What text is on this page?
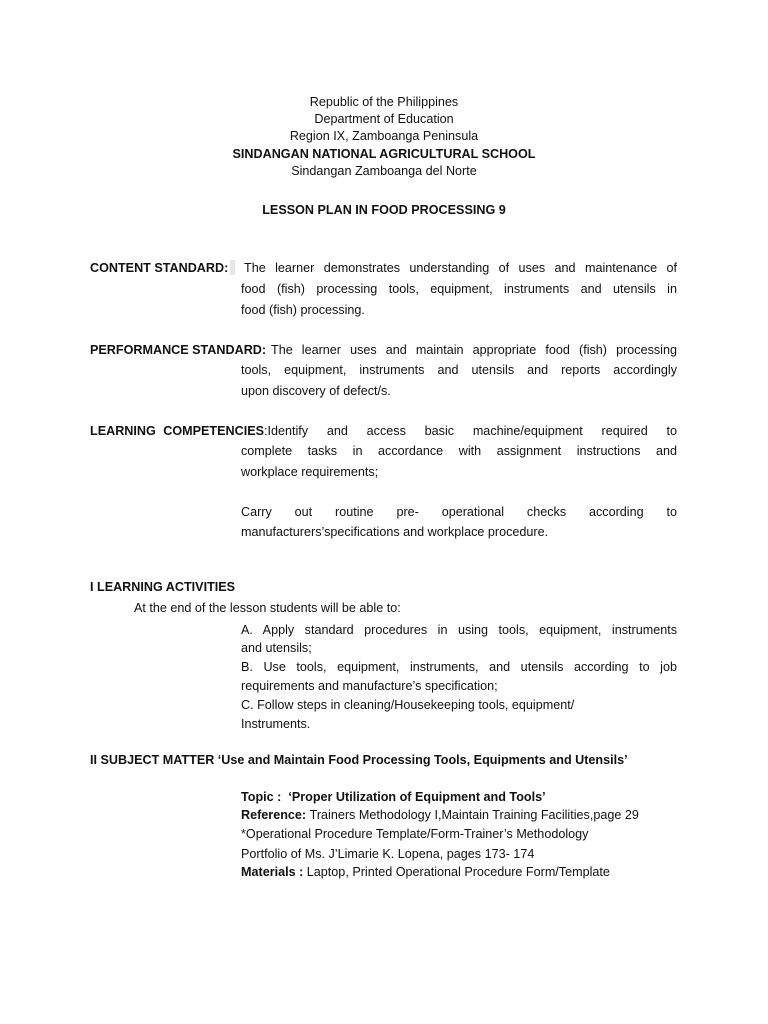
Republic of the Philippines
Department of Education
Region IX, Zamboanga Peninsula
SINDANGAN NATIONAL AGRICULTURAL SCHOOL
Sindangan Zamboanga del Norte
LESSON PLAN IN FOOD PROCESSING 9
CONTENT STANDARD:	The learner demonstrates understanding of uses and maintenance of
food (fish) processing tools, equipment, instruments and utensils in
food (fish) processing.
PERFORMANCE STANDARD: The learner uses and maintain appropriate food (fish) processing
tools, equipment, instruments and utensils and reports accordingly
upon discovery of defect/s.
LEARNING COMPETENCIES :Identify and access basic machine/equipment required to
complete tasks in accordance with assignment instructions and
workplace requirements;
Carry out routine pre- operational checks according to
manufacturers’specifications and workplace procedure.
I LEARNING ACTIVITIES
At the end of the lesson students will be able to:
A. Apply standard procedures in using tools, equipment, instruments
and utensils;
B. Use tools, equipment, instruments, and utensils according to job
requirements and manufacture’s specification;
C. Follow steps in cleaning/Housekeeping tools, equipment/
Instruments.
II SUBJECT MATTER ‘Use and Maintain Food Processing Tools, Equipments and Utensils’
Topic : ‘Proper Utilization of Equipment and Tools’
Reference: Trainers Methodology I,Maintain Training Facilities,page 29
*Operational Procedure Template/Form-Trainer’s Methodology
Portfolio of Ms. J’Limarie K. Lopena, pages 173- 174
Materials : Laptop, Printed Operational Procedure Form/Template
